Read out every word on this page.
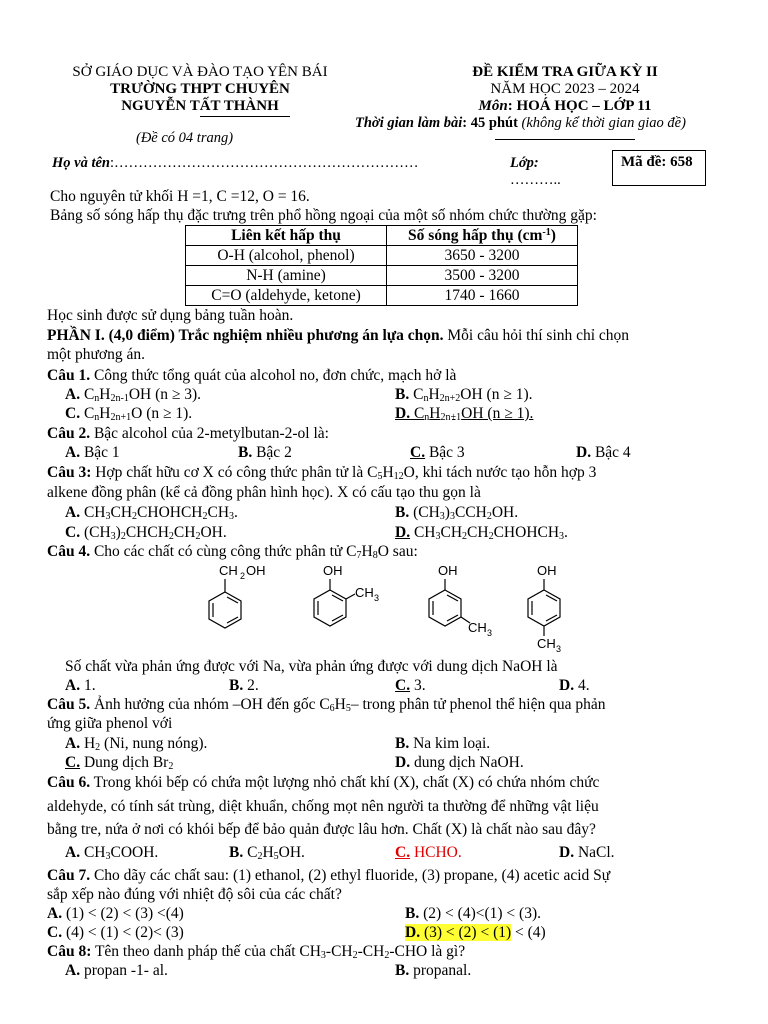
SỞ GIÁO DỤC VÀ ĐÀO TẠO YÊN BÁI
TRƯỜNG THPT CHUYÊN
NGUYỄN TẤT THÀNH
(Đề có 04 trang)
ĐỀ KIỂM TRA GIỮA KỲ II
NĂM HỌC 2023 – 2024
Môn: HOÁ HỌC – LỚP 11
Thời gian làm bài: 45 phút (không kể thời gian giao đề)
Họ và tên:………………………………………………………	Lớp:
………..
Mã đề: 658
Cho nguyên tử khối H =1, C =12, O = 16.
Bảng số sóng hấp thụ đặc trưng trên phổ hồng ngoại của một số nhóm chức thường gặp:
Liên kết hấp thụ	Số sóng hấp thụ $(cm^{-1})$
O-H (alcohol, phenol)	3650 - 3200
N-H (amine)	3500 - 3200
C=O (aldehyde, ketone)	1740 - 1660
Học sinh được sử dụng bảng tuần hoàn.
PHẦN I. (4,0 điểm) Trắc nghiệm nhiều phương án lựa chọn. Mỗi câu hỏi thí sinh chỉ chọn
một phương án.
Câu 1. Công thức tổng quát của alcohol no, đơn chức, mạch hở là
A. $C_nH_{2n-1}OH$ (n ≥ 3).	B. $C_nH_{2n+2}OH$ (n ≥ 1).
C. $C_nH_{2n+1}O$ (n ≥ 1).	D. $C_nH_{2n+1}OH$ (n ≥ 1).
Câu 2. Bậc alcohol của 2-metylbutan-2-ol là:
A. Bậc 1	B. Bậc 2	C. Bậc 3	D. Bậc 4
Câu 3: Hợp chất hữu cơ X có công thức phân tử là $C_5H_{12}O$, khi tách nước tạo hỗn hợp 3
alkene đồng phân (kể cả đồng phân hình học). X có cấu tạo thu gọn là
A. $CH_3CH_2CHOHCH_2CH_3$.	B. $(CH_3)_3CCH_2OH$.
C. $(CH_3)_2CHCH_2CH_2OH$.	D. $CH_3CH_2CH_2CHOHCH_3$.
Câu 4. Cho các chất có cùng công thức phân tử $C_7H_8O$ sau:
CH 2 OH	OH
CH 3
OH
CH 3
OH
CH 3
Số chất vừa phản ứng được với Na, vừa phản ứng được với dung dịch NaOH là
A. 1.	B. 2.	C. 3.	D. 4.
Câu 5. Ảnh hưởng của nhóm –OH đến gốc $C_6H_5-$ trong phân tử phenol thể hiện qua phản
ứng giữa phenol với
A. $H_2$ (Ni, nung nóng).	B. Na kim loại.
C. Dung dịch $Br_2$	D. dung dịch NaOH.
Câu 6. Trong khói bếp có chứa một lượng nhỏ chất khí (X), chất (X) có chứa nhóm chức
aldehyde, có tính sát trùng, diệt khuẩn, chống mọt nên người ta thường để những vật liệu
bằng tre, nứa ở nơi có khói bếp để bảo quản được lâu hơn. Chất (X) là chất nào sau đây?
A. $CH_3COOH$.	B. $C_2H_5OH$.	C. HCHO.	D. NaCl.
Câu 7. Cho dãy các chất sau: (1) ethanol, (2) ethyl fluoride, (3) propane, (4) acetic acid Sự
sắp xếp nào đúng với nhiệt độ sôi của các chất?
A. (1) < (2) < (3) <(4)	B. (2) < (4)<(1) < (3).
C. (4) < (1) < (2)< (3)	D. (3) < (2) < (1) < (4)
Câu 8: Tên theo danh pháp thế của chất $CH_3-CH_2-CH_2$-CHO là gì?
A. propan -1- al.	B. propanal.
